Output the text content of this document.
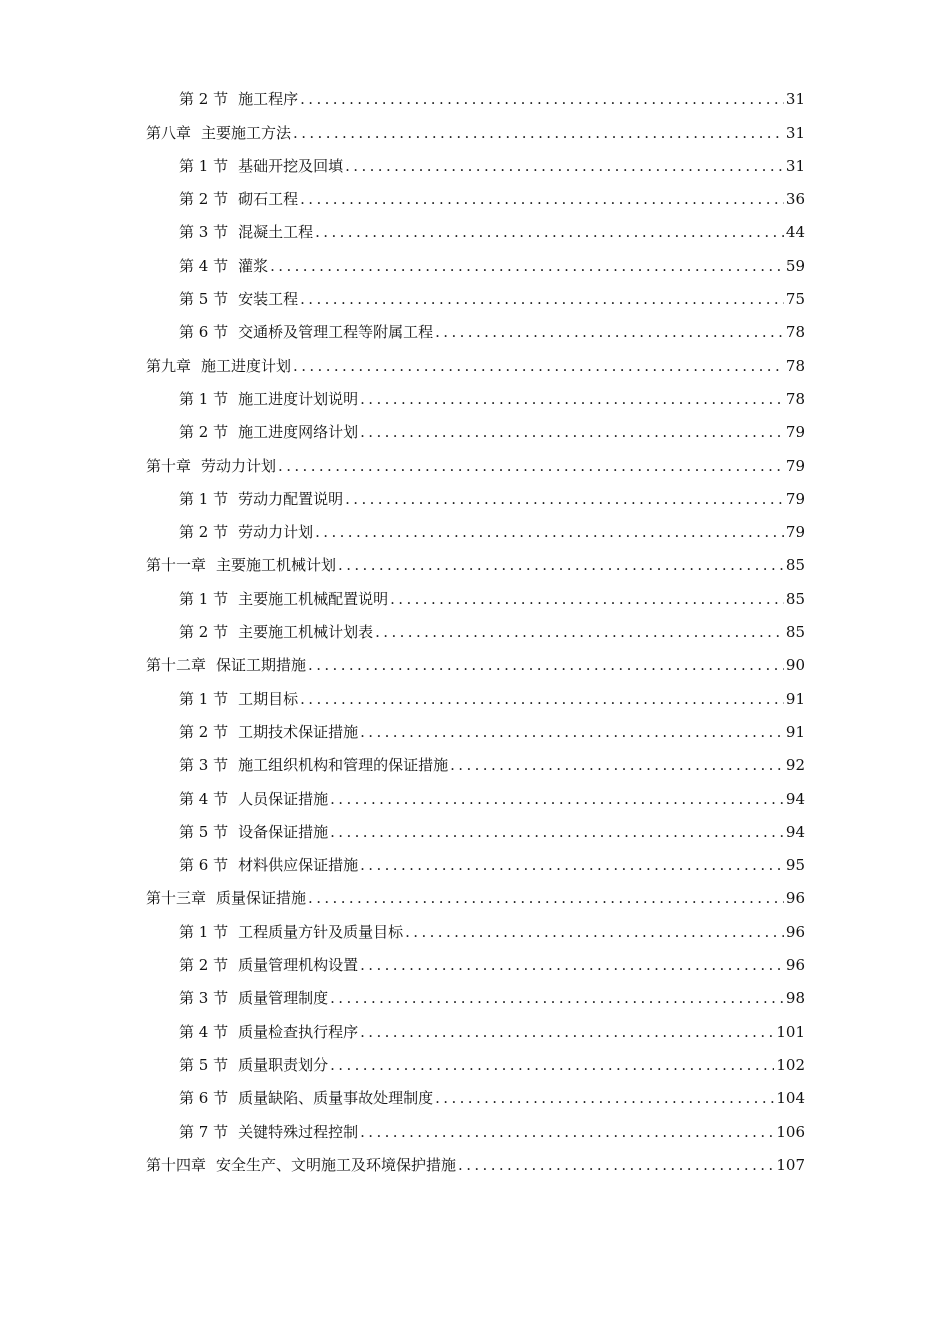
第 2 节 施工程序 .....	31
第八章 主要施工方法 .....	31
第 1 节 基础开挖及回填 .....	31
第 2 节 砌石工程 .....	36
第 3 节 混凝土工程 .....	44
第 4 节 灌浆 .....	59
第 5 节 安装工程 .....	75
第 6 节 交通桥及管理工程等附属工程 .....	78
第九章 施工进度计划 .....	78
第 1 节 施工进度计划说明 .....	78
第 2 节 施工进度网络计划 .....	79
第十章 劳动力计划 .....	79
第 1 节 劳动力配置说明 .....	79
第 2 节 劳动力计划 .....	79
第十一章 主要施工机械计划 .....	85
第 1 节 主要施工机械配置说明 .....	85
第 2 节 主要施工机械计划表 .....	85
第十二章 保证工期措施 .....	90
第 1 节 工期目标 .....	91
第 2 节 工期技术保证措施 .....	91
第 3 节 施工组织机构和管理的保证措施 .....	92
第 4 节 人员保证措施 .....	94
第 5 节 设备保证措施 .....	94
第 6 节 材料供应保证措施 .....	95
第十三章 质量保证措施 .....	96
第 1 节 工程质量方针及质量目标 .....	96
第 2 节 质量管理机构设置 .....	96
第 3 节 质量管理制度 .....	98
第 4 节 质量检查执行程序 .....	101
第 5 节 质量职责划分 .....	102
第 6 节 质量缺陷、质量事故处理制度 .....	104
第 7 节 关键特殊过程控制 .....	106
第十四章 安全生产、文明施工及环境保护措施 .....	107
